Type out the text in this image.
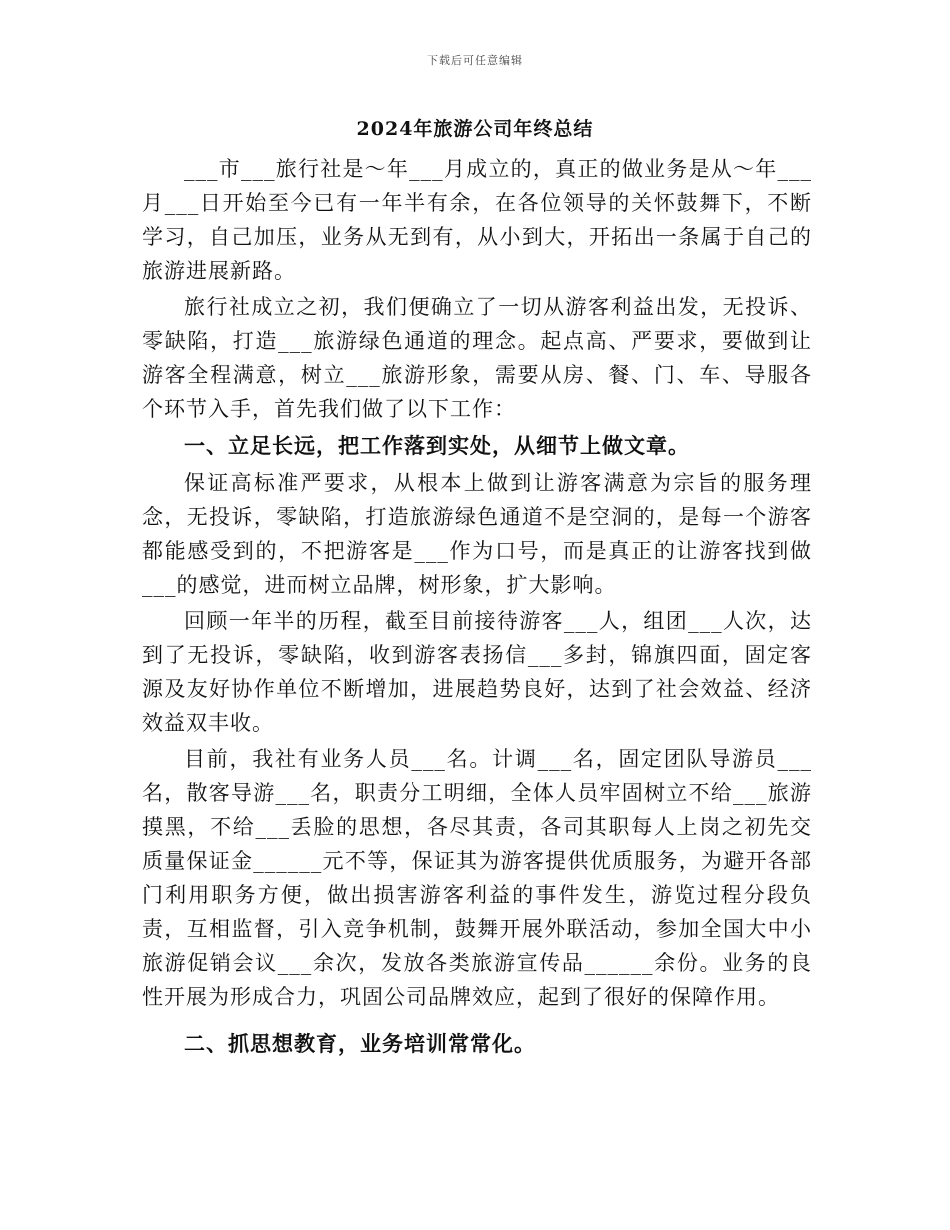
下载后可任意编辑
2024年旅游公司年终总结

___市___旅行社是～年___月成立的，真正的做业务是从～年___月___日开始至今已有一年半有余，在各位领导的关怀鼓舞下，不断学习，自己加压，业务从无到有，从小到大，开拓出一条属于自己的旅游进展新路。

旅行社成立之初，我们便确立了一切从游客利益出发，无投诉、零缺陷，打造___旅游绿色通道的理念。起点高、严要求，要做到让游客全程满意，树立___旅游形象，需要从房、餐、门、车、导服各个环节入手，首先我们做了以下工作：

一、立足长远，把工作落到实处，从细节上做文章。

保证高标准严要求，从根本上做到让游客满意为宗旨的服务理念，无投诉，零缺陷，打造旅游绿色通道不是空洞的，是每一个游客都能感受到的，不把游客是___作为口号，而是真正的让游客找到做___的感觉，进而树立品牌，树形象，扩大影响。

回顾一年半的历程，截至目前接待游客___人，组团___人次，达到了无投诉，零缺陷，收到游客表扬信___多封，锦旗四面，固定客源及友好协作单位不断增加，进展趋势良好，达到了社会效益、经济效益双丰收。

目前，我社有业务人员___名。计调___名，固定团队导游员___名，散客导游___名，职责分工明细，全体人员牢固树立不给___旅游摸黑，不给___丢脸的思想，各尽其责，各司其职每人上岗之初先交质量保证金______元不等，保证其为游客提供优质服务，为避开各部门利用职务方便，做出损害游客利益的事件发生，游览过程分段负责，互相监督，引入竞争机制，鼓舞开展外联活动，参加全国大中小旅游促销会议___余次，发放各类旅游宣传品______余份。业务的良性开展为形成合力，巩固公司品牌效应，起到了很好的保障作用。

二、抓思想教育，业务培训常常化。
